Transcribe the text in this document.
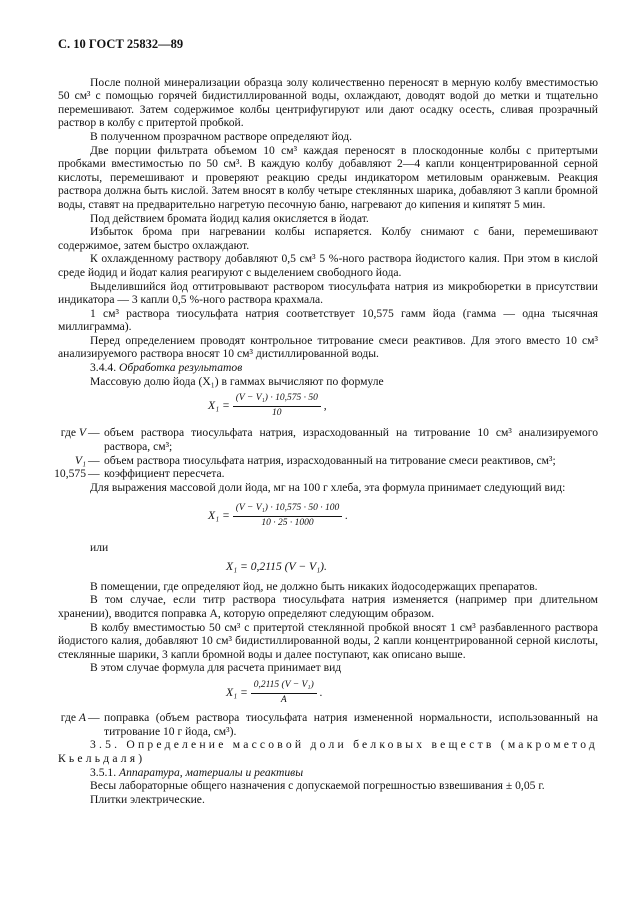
С. 10 ГОСТ 25832—89

После полной минерализации образца золу количественно переносят в мерную колбу вместимостью 50 см³ с помощью горячей бидистиллированной воды, охлаждают, доводят водой до метки и тщательно перемешивают. Затем содержимое колбы центрифугируют или дают осадку осесть, сливая прозрачный раствор в колбу с притертой пробкой.

В полученном прозрачном растворе определяют йод.

Две порции фильтрата объемом 10 см³ каждая переносят в плоскодонные колбы с притертыми пробками вместимостью по 50 см³. В каждую колбу добавляют 2—4 капли концентрированной серной кислоты, перемешивают и проверяют реакцию среды индикатором метиловым оранжевым. Реакция раствора должна быть кислой. Затем вносят в колбу четыре стеклянных шарика, добавляют 3 капли бромной воды, ставят на предварительно нагретую песочную баню, нагревают до кипения и кипятят 5 мин.

Под действием бромата йодид калия окисляется в йодат.

Избыток брома при нагревании колбы испаряется. Колбу снимают с бани, перемешивают содержимое, затем быстро охлаждают.

К охлажденному раствору добавляют 0,5 см³ 5 %-ного раствора йодистого калия. При этом в кислой среде йодид и йодат калия реагируют с выделением свободного йода.

Выделившийся йод оттитровывают раствором тиосульфата натрия из микробюретки в присутствии индикатора — 3 капли 0,5 %-ного раствора крахмала.

1 см³ раствора тиосульфата натрия соответствует 10,575 гамм йода (гамма — одна тысячная миллиграмма).

Перед определением проводят контрольное титрование смеси реактивов. Для этого вместо 10 см³ анализируемого раствора вносят 10 см³ дистиллированной воды.

3.4.4. Обработка результатов

Массовую долю йода (X₁) в гаммах вычисляют по формуле

$X_1 = \frac{\text{(V − V₁) · 10,575 · 50}}{10}$ ,
где V — объем раствора тиосульфата натрия, израсходованный на титрование 10 см³ анализируемого раствора, см³;
V₁ — объем раствора тиосульфата натрия, израсходованный на титрование смеси реактивов, см³;
10,575 — коэффициент пересчета.

Для выражения массовой доли йода, мг на 100 г хлеба, эта формула принимает следующий вид:

$X_1 = \frac{\text{(V − V₁) · 10,575 · 50 · 100}}{10 \cdot 25 \cdot 1000}$ .

или

X₁ = 0,2115 (V − V₁).

В помещении, где определяют йод, не должно быть никаких йодосодержащих препаратов.

В том случае, если титр раствора тиосульфата натрия изменяется (например при длительном хранении), вводится поправка A, которую определяют следующим образом.

В колбу вместимостью 50 см³ с притертой стеклянной пробкой вносят 1 см³ разбавленного раствора йодистого калия, добавляют 10 см³ бидистиллированной воды, 2 капли концентрированной серной кислоты, стеклянные шарики, 3 капли бромной воды и далее поступают, как описано выше.

В этом случае формула для расчета принимает вид

$X_1 = \frac{\text{0,2115 (V − V₁)}}{A}$ .
где A — поправка (объем раствора тиосульфата натрия измененной нормальности, использованный на титрование 10 г йода, см³).

3.5. Определение массовой доли белковых веществ (макрометод Кьельдаля)

3.5.1. Аппаратура, материалы и реактивы

Весы лабораторные общего назначения с допускаемой погрешностью взвешивания ± 0,05 г.

Плитки электрические.
